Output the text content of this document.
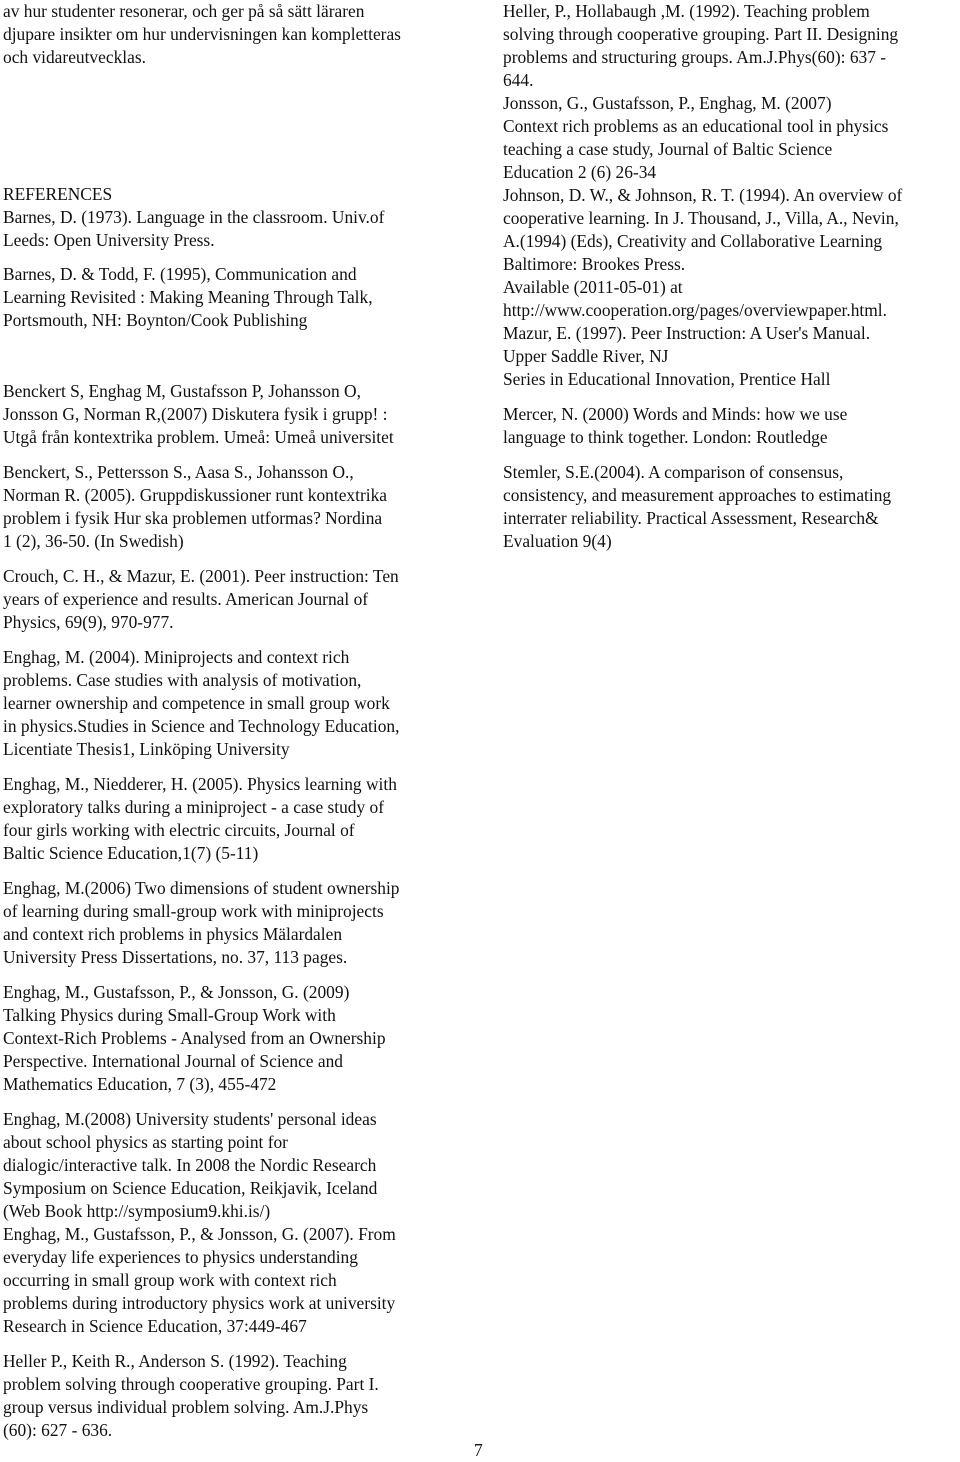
av hur studenter resonerar, och ger på så sätt läraren
djupare insikter om hur undervisningen kan kompletteras
och vidareutvecklas.

REFERENCES

Barnes, D. (1973). Language in the classroom. Univ.of
Leeds: Open University Press.

Barnes, D. & Todd, F. (1995), Communication and
Learning Revisited : Making Meaning Through Talk,
Portsmouth, NH: Boynton/Cook Publishing

Benckert S, Enghag M, Gustafsson P, Johansson O,
Jonsson G, Norman R,(2007) Diskutera fysik i grupp! :
Utgå från kontextrika problem. Umeå: Umeå universitet

Benckert, S., Pettersson S., Aasa S., Johansson O.,
Norman R. (2005). Gruppdiskussioner runt kontextrika
problem i fysik Hur ska problemen utformas? Nordina
1 (2), 36-50. (In Swedish)

Crouch, C. H., & Mazur, E. (2001). Peer instruction: Ten
years of experience and results. American Journal of
Physics, 69(9), 970-977.

Enghag, M. (2004). Miniprojects and context rich
problems. Case studies with analysis of motivation,
learner ownership and competence in small group work
in physics.Studies in Science and Technology Education,
Licentiate Thesis1, Linköping University

Enghag, M., Niedderer, H. (2005). Physics learning with
exploratory talks during a miniproject - a case study of
four girls working with electric circuits, Journal of
Baltic Science Education,1(7) (5-11)

Enghag, M.(2006) Two dimensions of student ownership
of learning during small-group work with miniprojects
and context rich problems in physics Mälardalen
University Press Dissertations, no. 37, 113 pages.

Enghag, M., Gustafsson, P., & Jonsson, G. (2009)
Talking Physics during Small-Group Work with
Context-Rich Problems - Analysed from an Ownership
Perspective. International Journal of Science and
Mathematics Education, 7 (3), 455-472

Enghag, M.(2008) University students' personal ideas
about school physics as starting point for
dialogic/interactive talk. In 2008 the Nordic Research
Symposium on Science Education, Reikjavik, Iceland
(Web Book http://symposium9.khi.is/)
Enghag, M., Gustafsson, P., & Jonsson, G. (2007). From
everyday life experiences to physics understanding
occurring in small group work with context rich
problems during introductory physics work at university
Research in Science Education, 37:449-467

Heller P., Keith R., Anderson S. (1992). Teaching
problem solving through cooperative grouping. Part I.
group versus individual problem solving. Am.J.Phys
(60): 627 - 636.

Heller, P., Hollabaugh ,M. (1992). Teaching problem
solving through cooperative grouping. Part II. Designing
problems and structuring groups. Am.J.Phys(60): 637 -
644.
Jonsson, G., Gustafsson, P., Enghag, M. (2007)
Context rich problems as an educational tool in physics
teaching a case study, Journal of Baltic Science
Education 2 (6) 26-34
Johnson, D. W., & Johnson, R. T. (1994). An overview of
cooperative learning. In J. Thousand, J., Villa, A., Nevin,
A.(1994) (Eds), Creativity and Collaborative Learning
Baltimore: Brookes Press.
Available (2011-05-01) at
http://www.cooperation.org/pages/overviewpaper.html.
Mazur, E. (1997). Peer Instruction: A User's Manual.
Upper Saddle River, NJ
Series in Educational Innovation, Prentice Hall

Mercer, N. (2000) Words and Minds: how we use
language to think together. London: Routledge

Stemler, S.E.(2004). A comparison of consensus,
consistency, and measurement approaches to estimating
interrater reliability. Practical Assessment, Research&
Evaluation 9(4)

7
